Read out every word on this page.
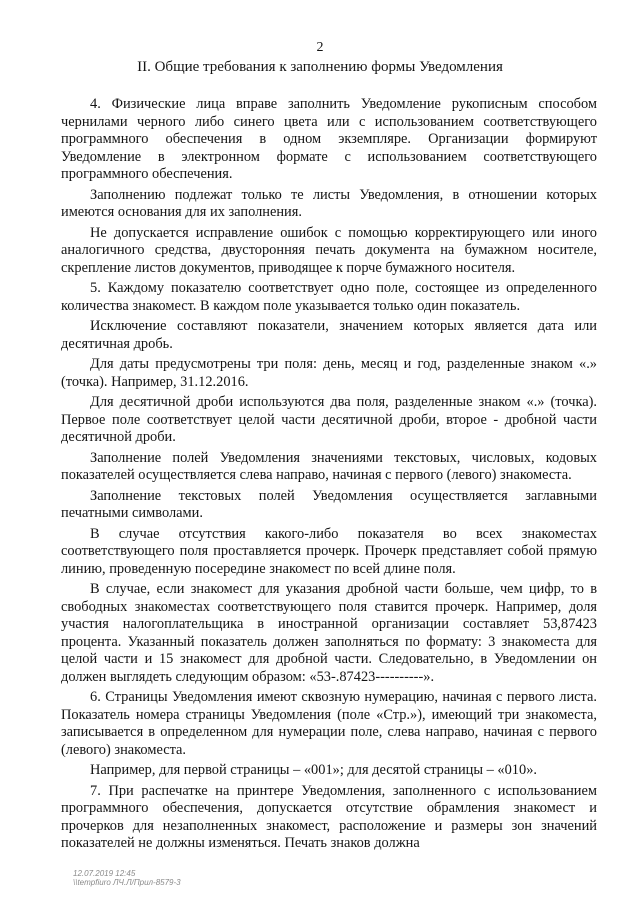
2
II. Общие требования к заполнению формы Уведомления

4. Физические лица вправе заполнить Уведомление рукописным способом чернилами черного либо синего цвета или с использованием соответствующего программного обеспечения в одном экземпляре. Организации формируют Уведомление в электронном формате с использованием соответствующего программного обеспечения.

Заполнению подлежат только те листы Уведомления, в отношении которых имеются основания для их заполнения.

Не допускается исправление ошибок с помощью корректирующего или иного аналогичного средства, двусторонняя печать документа на бумажном носителе, скрепление листов документов, приводящее к порче бумажного носителя.

5. Каждому показателю соответствует одно поле, состоящее из определенного количества знакомест. В каждом поле указывается только один показатель.

Исключение составляют показатели, значением которых является дата или десятичная дробь.

Для даты предусмотрены три поля: день, месяц и год, разделенные знаком «.» (точка). Например, 31.12.2016.

Для десятичной дроби используются два поля, разделенные знаком «.» (точка). Первое поле соответствует целой части десятичной дроби, второе - дробной части десятичной дроби.

Заполнение полей Уведомления значениями текстовых, числовых, кодовых показателей осуществляется слева направо, начиная с первого (левого) знакоместа.

Заполнение текстовых полей Уведомления осуществляется заглавными печатными символами.

В случае отсутствия какого-либо показателя во всех знакоместах соответствующего поля проставляется прочерк. Прочерк представляет собой прямую линию, проведенную посередине знакомест по всей длине поля.

В случае, если знакомест для указания дробной части больше, чем цифр, то в свободных знакоместах соответствующего поля ставится прочерк. Например, доля участия налогоплательщика в иностранной организации составляет 53,87423 процента. Указанный показатель должен заполняться по формату: 3 знакоместа для целой части и 15 знакомест для дробной части. Следовательно, в Уведомлении он должен выглядеть следующим образом: «53-.87423----------».

6. Страницы Уведомления имеют сквозную нумерацию, начиная с первого листа. Показатель номера страницы Уведомления (поле «Стр.»), имеющий три знакоместа, записывается в определенном для нумерации поле, слева направо, начиная с первого (левого) знакоместа.

Например, для первой страницы – «001»; для десятой страницы – «010».

7. При распечатке на принтере Уведомления, заполненного с использованием программного обеспечения, допускается отсутствие обрамления знакомест и прочерков для незаполненных знакомест, расположение и размеры зон значений показателей не должны изменяться. Печать знаков должна

12.07.2019 12:45
\\tempfiuro ЛЧ.Л/Прил-8579-3
